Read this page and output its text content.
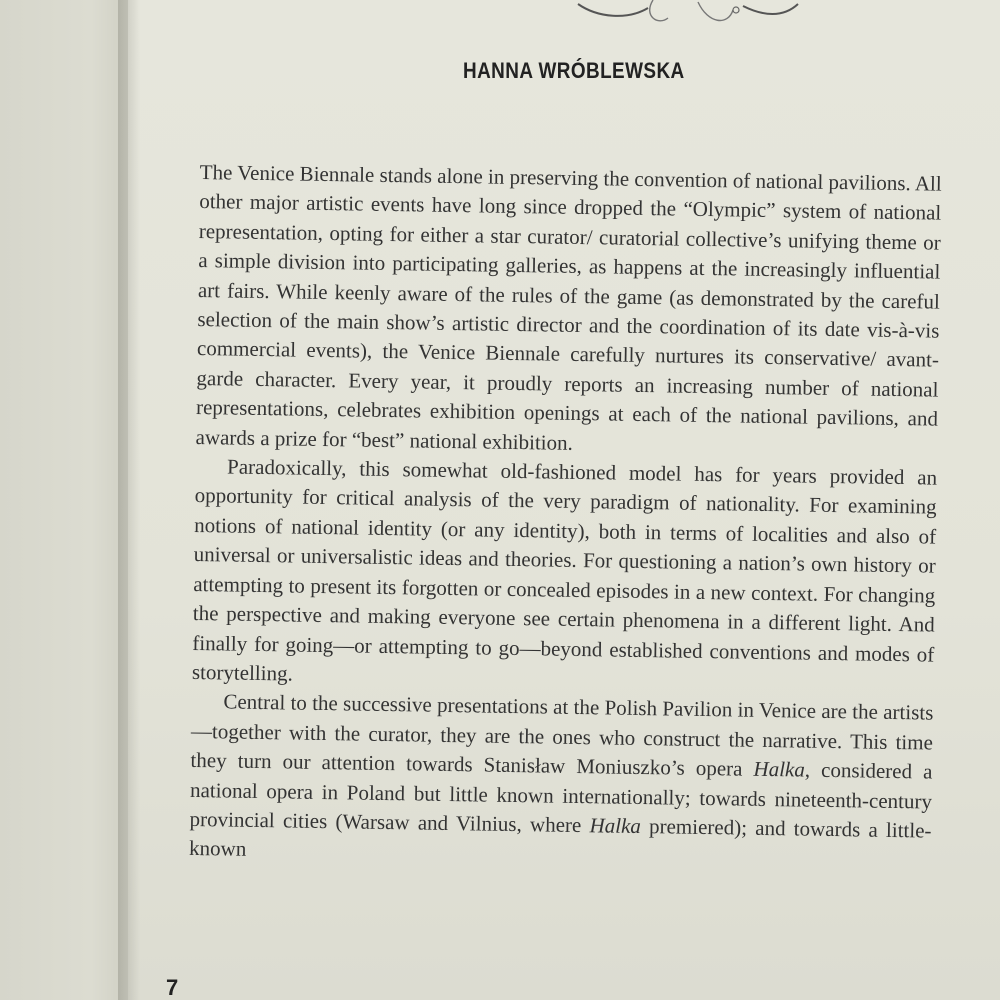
HANNA WRÓBLEWSKA

The Venice Biennale stands alone in preserving the convention of national pavilions. All other major artistic events have long since dropped the “Olympic” system of national representation, opting for either a star curator/ curatorial collective’s unifying theme or a simple division into participating galleries, as happens at the increasingly influential art fairs. While keenly aware of the rules of the game (as demonstrated by the careful selection of the main show’s artistic director and the coordination of its date vis-à-vis commercial events), the Venice Biennale carefully nurtures its conservative/ avant-garde character. Every year, it proudly reports an increasing number of national representations, celebrates exhibition openings at each of the national pavilions, and awards a prize for “best” national exhibition.

Paradoxically, this somewhat old-fashioned model has for years provided an opportunity for critical analysis of the very paradigm of nationality. For examining notions of national identity (or any identity), both in terms of localities and also of universal or universalistic ideas and theories. For questioning a nation’s own history or attempting to present its forgotten or concealed episodes in a new context. For changing the perspective and making everyone see certain phenomena in a different light. And finally for going—or attempting to go—beyond established conventions and modes of storytelling.

Central to the successive presentations at the Polish Pavilion in Venice are the artists—together with the curator, they are the ones who construct the narrative. This time they turn our attention towards Stanisław Moniuszko’s opera Halka, considered a national opera in Poland but little known internationally; towards nineteenth-century provincial cities (Warsaw and Vilnius, where Halka premiered); and towards a little-known

7
